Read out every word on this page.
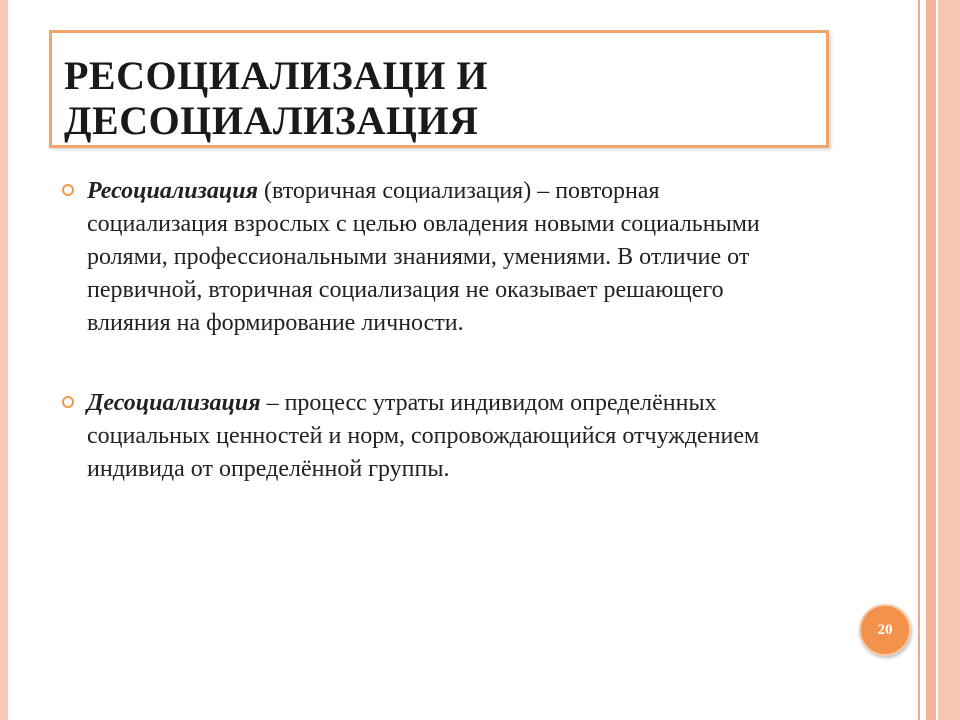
РЕСОЦИАЛИЗАЦИ И ДЕСОЦИАЛИЗАЦИЯ
Ресоциализация (вторичная социализация) – повторная социализация взрослых с целью овладения новыми социальными ролями, профессиональными знаниями, умениями. В отличие от первичной, вторичная социализация не оказывает решающего влияния на формирование личности.
Десоциализация – процесс утраты индивидом определённых социальных ценностей и норм, сопровождающийся отчуждением индивида от определённой группы.
20
